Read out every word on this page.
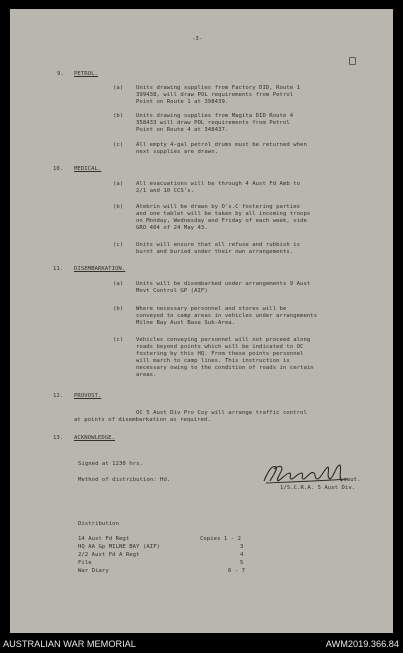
-3-
9. PETROL.
(a) Units drawing supplies from Factory DID, Route 1
399438, will draw POL requirements from Petrol
Point on Route 1 at 398439.
(b) Units drawing supplies from Magita DID Route 4
358433 will draw POL requirements from Petrol
Point on Route 4 at 348437.
(c) All empty 4-gal petrol drums must be returned when
next supplies are drawn.
10. MEDICAL.
(a) All evacuations will be through 4 Aust Fd Amb to
2/1 and 10 CCS's.
(b) Atebrin will be drawn by O's.C fostering parties
and one tablet will be taken by all incoming troops
on Monday, Wednesday and Friday of each week, vide
GRO 404 of 24 May 43.
(c) Units will ensure that all refuse and rubbish is
burnt and buried under their own arrangements.
11. DISEMBARKATION.
(a) Units will be disembarked under arrangements 9 Aust
Movt Control GP (AIF)
(b) Where necessary personnel and stores will be
conveyed to camp areas in vehicles under arrangements
Milne Bay Aust Base Sub-Area.
(c) Vehicles conveying personnel will not proceed along
roads beyond points which will be indicated to OC
fostering by this HQ. From these points personnel
will march to camp lines. This instruction is
necessary owing to the condition of roads in certain
areas.
12. PROVOST.
OC 5 Aust Div Pro Coy will arrange traffic control
at points of disembarkation as required.
13. ACKNOWLEDGE.
Signed at 1230 hrs.
Method of distribution: Hd.	Lieut.
1/S.C.R.A. 5 Aust Div.
Distribution
14 Aust Fd Regt	Copies 1 - 2
HQ AA Gp MILNE BAY (AIF)	3
2/2 Aust Fd A Regt	4
File	5
War Diary	6 - 7
AUSTRALIAN WAR MEMORIAL	AWM2019.366.84
